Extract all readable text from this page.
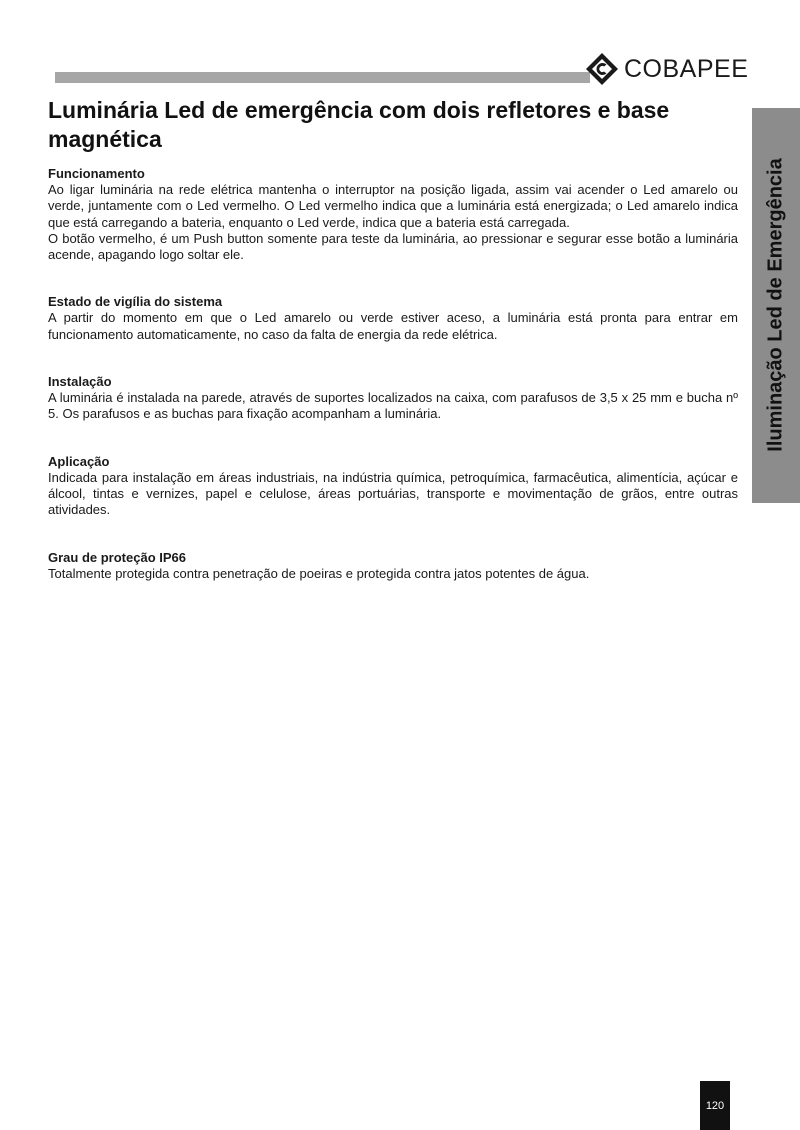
COBAPEE
Luminária Led de emergência com dois refletores e base magnética
Funcionamento

Ao ligar luminária na rede elétrica mantenha o interruptor na posição ligada, assim vai acender o Led amarelo ou verde, juntamente com o Led vermelho. O Led vermelho indica que a luminária está energizada; o Led amarelo indica que está carregando a bateria, enquanto o Led verde, indica que a bateria está carregada.

O botão vermelho, é um Push button somente para teste da luminária, ao pressionar e segurar esse botão a luminária acende, apagando logo soltar ele.

Estado de vigília do sistema

A partir do momento em que o Led amarelo ou verde estiver aceso, a luminária está pronta para entrar em funcionamento automaticamente, no caso da falta de energia da rede elétrica.

Instalação

A luminária é instalada na parede, através de suportes localizados na caixa, com parafusos de 3,5 x 25 mm e bucha nº 5. Os parafusos e as buchas para fixação acompanham a luminária.

Aplicação

Indicada para instalação em áreas industriais, na indústria química, petroquímica, farmacêutica, alimentícia, açúcar e álcool, tintas e vernizes, papel e celulose, áreas portuárias, transporte e movimentação de grãos, entre outras atividades.

Grau de proteção IP66

Totalmente protegida contra penetração de poeiras e protegida contra jatos potentes de água.

Iluminação Led de Emergência
120
